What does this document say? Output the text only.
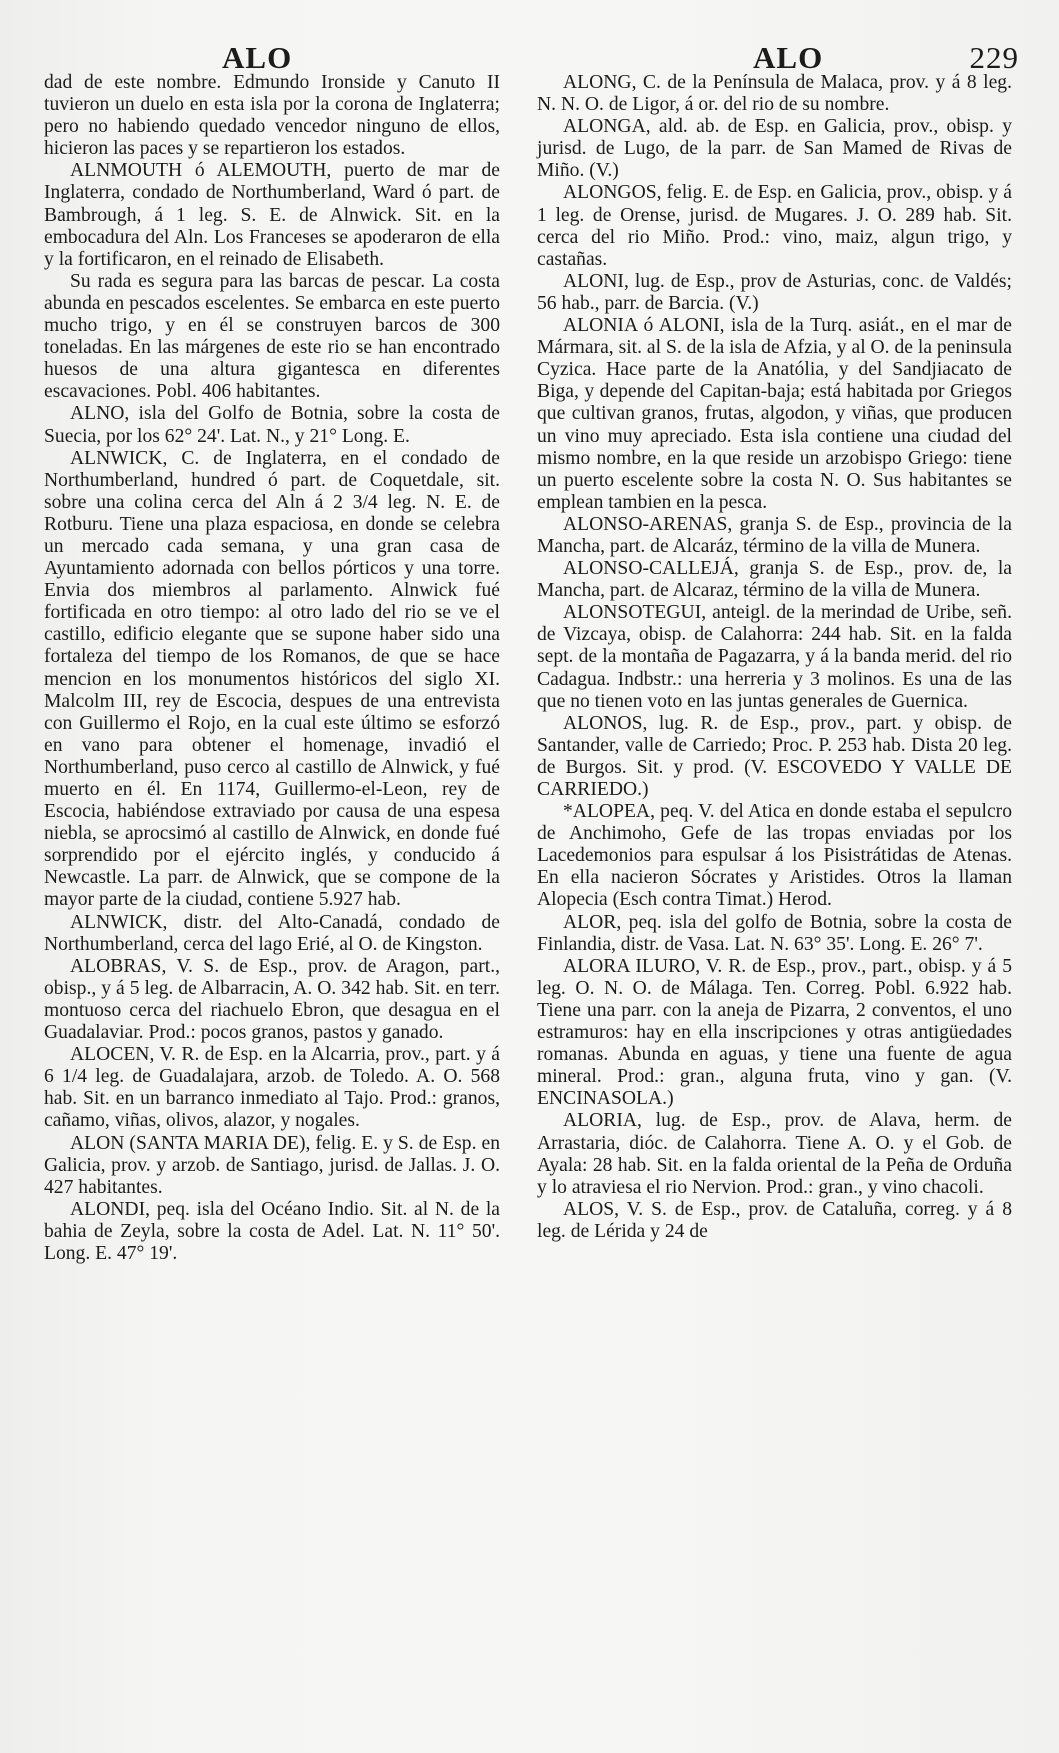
ALO	ALO	229

dad de este nombre. Edmundo Ironside y Canuto II tuvieron un duelo en esta isla por la corona de Inglaterra; pero no habiendo quedado vencedor ninguno de ellos, hicieron las paces y se repartieron los estados.

ALNMOUTH ó ALEMOUTH, puerto de mar de Inglaterra, condado de Northumberland, Ward ó part. de Bambrough, á 1 leg. S. E. de Alnwick. Sit. en la embocadura del Aln. Los Franceses se apoderaron de ella y la fortificaron, en el reinado de Elisabeth.

Su rada es segura para las barcas de pescar. La costa abunda en pescados escelentes. Se embarca en este puerto mucho trigo, y en él se construyen barcos de 300 toneladas. En las márgenes de este rio se han encontrado huesos de una altura gigantesca en diferentes escavaciones. Pobl. 406 habitantes.

ALNO, isla del Golfo de Botnia, sobre la costa de Suecia, por los 62° 24'. Lat. N., y 21° Long. E.

ALNWICK, C. de Inglaterra, en el condado de Northumberland, hundred ó part. de Coquetdale, sit. sobre una colina cerca del Aln á 2 3/4 leg. N. E. de Rotburu. Tiene una plaza espaciosa, en donde se celebra un mercado cada semana, y una gran casa de Ayuntamiento adornada con bellos pórticos y una torre. Envia dos miembros al parlamento. Alnwick fué fortificada en otro tiempo: al otro lado del rio se ve el castillo, edificio elegante que se supone haber sido una fortaleza del tiempo de los Romanos, de que se hace mencion en los monumentos históricos del siglo XI. Malcolm III, rey de Escocia, despues de una entrevista con Guillermo el Rojo, en la cual este último se esforzó en vano para obtener el homenage, invadió el Northumberland, puso cerco al castillo de Alnwick, y fué muerto en él. En 1174, Guillermo-el-Leon, rey de Escocia, habiéndose extraviado por causa de una espesa niebla, se aprocsimó al castillo de Alnwick, en donde fué sorprendido por el ejército inglés, y conducido á Newcastle. La parr. de Alnwick, que se compone de la mayor parte de la ciudad, contiene 5.927 hab.

ALNWICK, distr. del Alto-Canadá, condado de Northumberland, cerca del lago Erié, al O. de Kingston.

ALOBRAS, V. S. de Esp., prov. de Aragon, part., obisp., y á 5 leg. de Albarracin, A. O. 342 hab. Sit. en terr. montuoso cerca del riachuelo Ebron, que desagua en el Guadalaviar. Prod.: pocos granos, pastos y ganado.

ALOCEN, V. R. de Esp. en la Alcarria, prov., part. y á 6 1/4 leg. de Guadalajara, arzob. de Toledo. A. O. 568 hab. Sit. en un barranco inmediato al Tajo. Prod.: granos, cañamo, viñas, olivos, alazor, y nogales.

ALON (SANTA MARIA DE), felig. E. y S. de Esp. en Galicia, prov. y arzob. de Santiago, jurisd. de Jallas. J. O. 427 habitantes.

ALONDI, peq. isla del Océano Indio. Sit. al N. de la bahia de Zeyla, sobre la costa de Adel. Lat. N. 11° 50'. Long. E. 47° 19'.

ALONG, C. de la Península de Malaca, prov. y á 8 leg. N. N. O. de Ligor, á or. del rio de su nombre.

ALONGA, ald. ab. de Esp. en Galicia, prov., obisp. y jurisd. de Lugo, de la parr. de San Mamed de Rivas de Miño. (V.)

ALONGOS, felig. E. de Esp. en Galicia, prov., obisp. y á 1 leg. de Orense, jurisd. de Mugares. J. O. 289 hab. Sit. cerca del rio Miño. Prod.: vino, maiz, algun trigo, y castañas.

ALONI, lug. de Esp., prov de Asturias, conc. de Valdés; 56 hab., parr. de Barcia. (V.)

ALONIA ó ALONI, isla de la Turq. asiát., en el mar de Mármara, sit. al S. de la isla de Afzia, y al O. de la peninsula Cyzica. Hace parte de la Anatólia, y del Sandjiacato de Biga, y depende del Capitan-baja; está habitada por Griegos que cultivan granos, frutas, algodon, y viñas, que producen un vino muy apreciado. Esta isla contiene una ciudad del mismo nombre, en la que reside un arzobispo Griego: tiene un puerto escelente sobre la costa N. O. Sus habitantes se emplean tambien en la pesca.

ALONSO-ARENAS, granja S. de Esp., provincia de la Mancha, part. de Alcaráz, término de la villa de Munera.

ALONSO-CALLEJÁ, granja S. de Esp., prov. de, la Mancha, part. de Alcaraz, término de la villa de Munera.

ALONSOTEGUI, anteigl. de la merindad de Uribe, señ. de Vizcaya, obisp. de Calahorra: 244 hab. Sit. en la falda sept. de la montaña de Pagazarra, y á la banda merid. del rio Cadagua. Indbstr.: una herreria y 3 molinos. Es una de las que no tienen voto en las juntas generales de Guernica.

ALONOS, lug. R. de Esp., prov., part. y obisp. de Santander, valle de Carriedo; Proc. P. 253 hab. Dista 20 leg. de Burgos. Sit. y prod. (V. ESCOVEDO Y VALLE DE CARRIEDO.)

*ALOPEA, peq. V. del Atica en donde estaba el sepulcro de Anchimoho, Gefe de las tropas enviadas por los Lacedemonios para espulsar á los Pisistrátidas de Atenas. En ella nacieron Sócrates y Aristides. Otros la llaman Alopecia (Esch contra Timat.) Herod.

ALOR, peq. isla del golfo de Botnia, sobre la costa de Finlandia, distr. de Vasa. Lat. N. 63° 35'. Long. E. 26° 7'.

ALORA ILURO, V. R. de Esp., prov., part., obisp. y á 5 leg. O. N. O. de Málaga. Ten. Correg. Pobl. 6.922 hab. Tiene una parr. con la aneja de Pizarra, 2 conventos, el uno estramuros: hay en ella inscripciones y otras antigüedades romanas. Abunda en aguas, y tiene una fuente de agua mineral. Prod.: gran., alguna fruta, vino y gan. (V. ENCINASOLA.)

ALORIA, lug. de Esp., prov. de Alava, herm. de Arrastaria, dióc. de Calahorra. Tiene A. O. y el Gob. de Ayala: 28 hab. Sit. en la falda oriental de la Peña de Orduña y lo atraviesa el rio Nervion. Prod.: gran., y vino chacoli.

ALOS, V. S. de Esp., prov. de Cataluña, correg. y á 8 leg. de Lérida y 24 de
